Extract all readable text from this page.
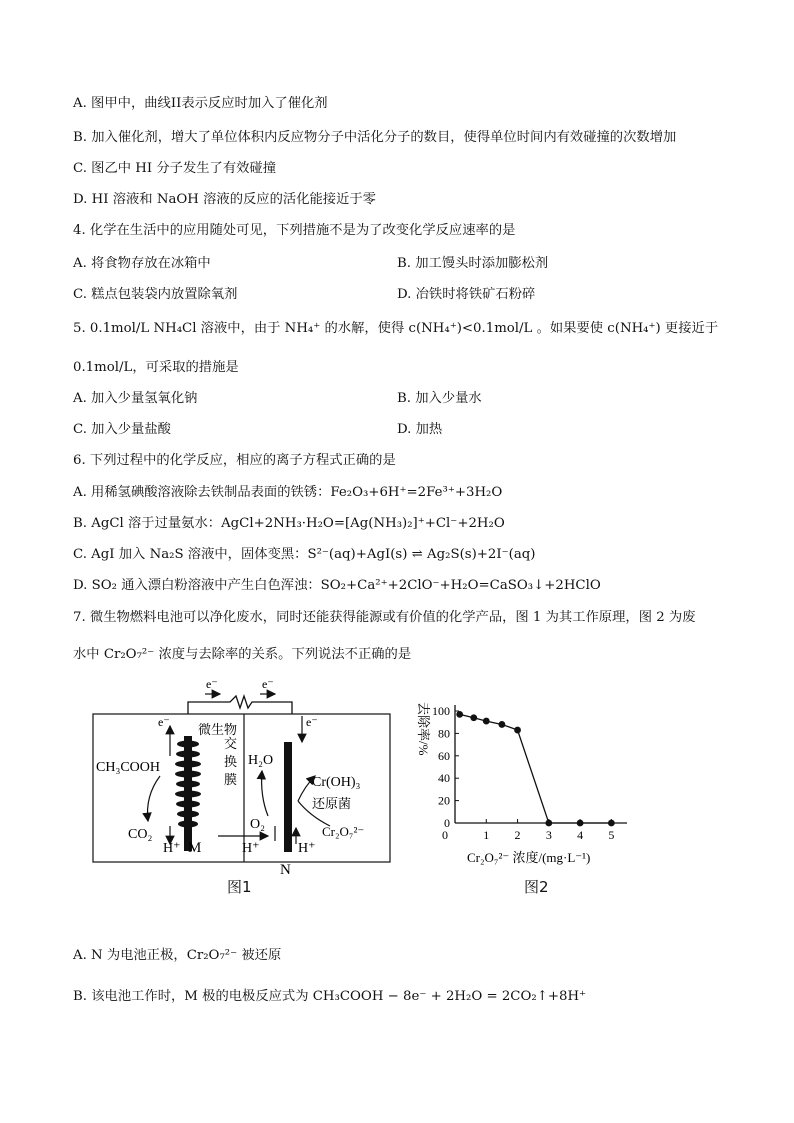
A. 图甲中，曲线II表示反应时加入了催化剂
B. 加入催化剂，增大了单位体积内反应物分子中活化分子的数目，使得单位时间内有效碰撞的次数增加
C. 图乙中 HI 分子发生了有效碰撞
D. HI 溶液和 NaOH 溶液的反应的活化能接近于零
4. 化学在生活中的应用随处可见，下列措施不是为了改变化学反应速率的是
A. 将食物存放在冰箱中	B. 加工馒头时添加膨松剂
C. 糕点包装袋内放置除氧剂	D. 冶铁时将铁矿石粉碎
5. 0.1mol/L NH₄Cl 溶液中，由于 NH₄⁺ 的水解，使得 c(NH₄⁺)<0.1mol/L 。如果要使 c(NH₄⁺) 更接近于
0.1mol/L，可采取的措施是
A. 加入少量氢氧化钠	B. 加入少量水
C. 加入少量盐酸	D. 加热
6. 下列过程中的化学反应，相应的离子方程式正确的是
A. 用稀氢碘酸溶液除去铁制品表面的铁锈：Fe₂O₃+6H⁺=2Fe³⁺+3H₂O
B. AgCl 溶于过量氨水：AgCl+2NH₃·H₂O=[Ag(NH₃)₂]⁺+Cl⁻+2H₂O
C. AgI 加入 Na₂S 溶液中，固体变黑：S²⁻(aq)+AgI(s) ⇌ Ag₂S(s)+2I⁻(aq)
D. SO₂ 通入漂白粉溶液中产生白色浑浊：SO₂+Ca²⁺+2ClO⁻+H₂O=CaSO₃↓+2HClO
7. 微生物燃料电池可以净化废水，同时还能获得能源或有价值的化学产品，图 1 为其工作原理，图 2 为废
水中 Cr₂O₇²⁻ 浓度与去除率的关系。下列说法不正确的是
e⁻	e⁻
e⁻	e⁻
微生物
CH₃COOH
CO₂
H⁺ M	H⁺
N
H⁺
H₂O
O₂
Cr(OH)₃
还原菌
Cr₂O₇²⁻
交
换
膜
图1
去除率/%
0
20
40
60
80
100
0	1 2 3 4 5
Cr₂O₇²⁻ 浓度/(mg·L⁻¹)
图2
A. N 为电池正极，Cr₂O₇²⁻ 被还原
B. 该电池工作时，M 极的电极反应式为 CH₃COOH − 8e⁻ + 2H₂O = 2CO₂↑+8H⁺
